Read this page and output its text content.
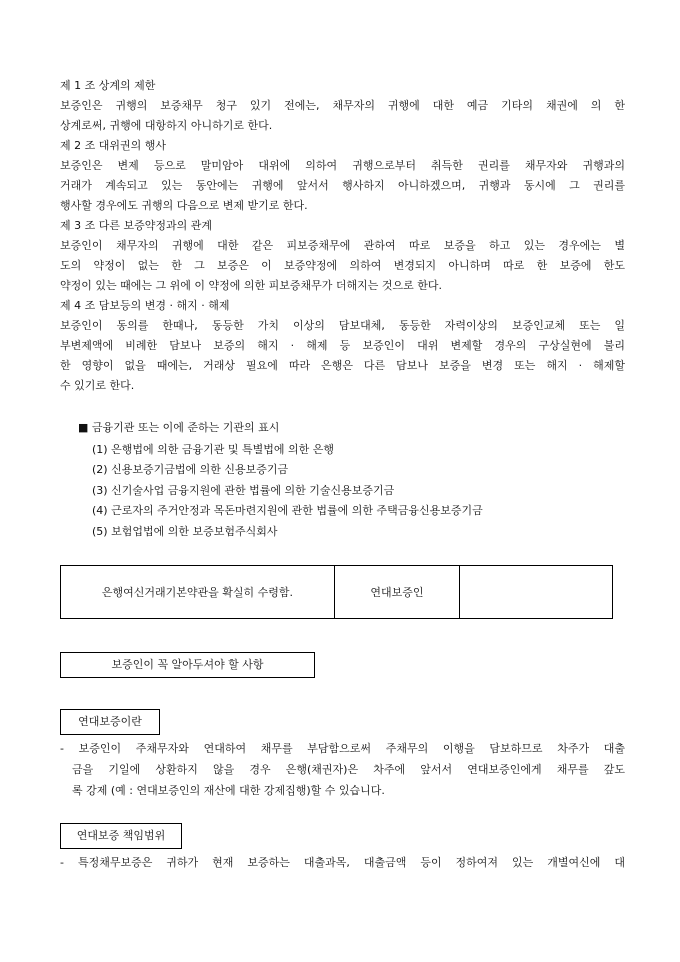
제 1 조 상계의 제한
보증인은 귀행의 보증채무 청구 있기 전에는, 채무자의 귀행에 대한 예금 기타의 채권에 의 한
상계로써, 귀행에 대항하지 아니하기로 한다.
제 2 조 대위권의 행사
보증인은 변제 등으로 말미암아 대위에 의하여 귀행으로부터 취득한 권리를 채무자와 귀행과의
거래가 계속되고 있는 동안에는 귀행에 앞서서 행사하지 아니하겠으며, 귀행과 동시에 그 권리를
행사할 경우에도 귀행의 다음으로 변제 받기로 한다.
제 3 조 다른 보증약정과의 관계
보증인이 채무자의 귀행에 대한 같은 피보증채무에 관하여 따로 보증을 하고 있는 경우에는 별
도의 약정이 없는 한 그 보증은 이 보증약정에 의하여 변경되지 아니하며 따로 한 보증에 한도
약정이 있는 때에는 그 위에 이 약정에 의한 피보증채무가 더해지는 것으로 한다.
제 4 조 담보등의 변경 · 해지 · 해제
보증인이 동의를 한때나, 동등한 가치 이상의 담보대체, 동등한 자력이상의 보증인교체 또는 일
부변제액에 비례한 담보나 보증의 해지 · 해제 등 보증인이 대위 변제할 경우의 구상실현에 불리
한 영향이 없을 때에는, 거래상 필요에 따라 은행은 다른 담보나 보증을 변경 또는 해지 · 해제할
수 있기로 한다.
■ 금융기관 또는 이에 준하는 기관의 표시
(1) 은행법에 의한 금융기관 및 특별법에 의한 은행
(2) 신용보증기금법에 의한 신용보증기금
(3) 신기술사업 금융지원에 관한 법률에 의한 기술신용보증기금
(4) 근로자의 주거안정과 목돈마련지원에 관한 법률에 의한 주택금융신용보증기금
(5) 보험업법에 의한 보증보험주식회사
은행여신거래기본약관을 확실히 수령함.	연대보증인	
보증인이 꼭 알아두셔야 할 사항
연대보증이란
- 보증인이 주채무자와 연대하여 채무를 부담함으로써 주채무의 이행을 담보하므로 차주가 대출
금을 기일에 상환하지 않을 경우 은행(채권자)은 차주에 앞서서 연대보증인에게 채무를 갚도
록 강제 (예 : 연대보증인의 재산에 대한 강제집행)할 수 있습니다.
연대보증 책임범위
- 특정채무보증은 귀하가 현재 보증하는 대출과목, 대출금액 등이 정하여져 있는 개별여신에 대
